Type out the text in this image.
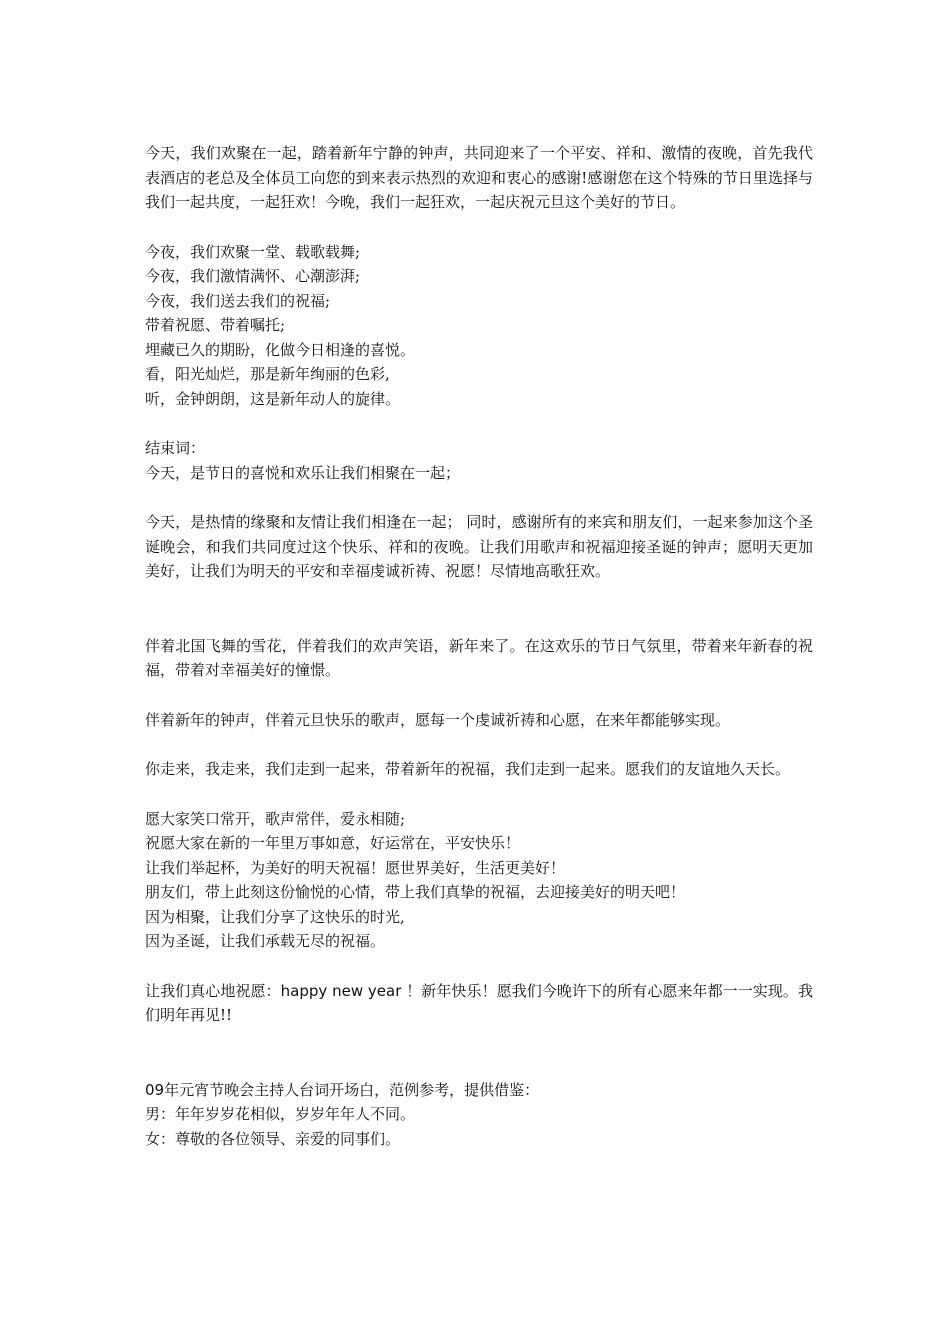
今天，我们欢聚在一起，踏着新年宁静的钟声，共同迎来了一个平安、祥和、激情的夜晚，首先我代表酒店的老总及全体员工向您的到来表示热烈的欢迎和衷心的感谢!感谢您在这个特殊的节日里选择与我们一起共度，一起狂欢！今晚，我们一起狂欢，一起庆祝元旦这个美好的节日。

今夜，我们欢聚一堂、载歌载舞;
今夜，我们激情满怀、心潮澎湃;
今夜，我们送去我们的祝福;
带着祝愿、带着嘱托;
埋藏已久的期盼，化做今日相逢的喜悦。
看，阳光灿烂，那是新年绚丽的色彩,
听，金钟朗朗，这是新年动人的旋律。
结束词：
今天，是节日的喜悦和欢乐让我们相聚在一起；

今天，是热情的缘聚和友情让我们相逢在一起； 同时，感谢所有的来宾和朋友们，一起来参加这个圣诞晚会，和我们共同度过这个快乐、祥和的夜晚。让我们用歌声和祝福迎接圣诞的钟声；愿明天更加美好，让我们为明天的平安和幸福虔诚祈祷、祝愿！尽情地高歌狂欢。

伴着北国飞舞的雪花，伴着我们的欢声笑语，新年来了。在这欢乐的节日气氛里，带着来年新春的祝福，带着对幸福美好的憧憬。

伴着新年的钟声，伴着元旦快乐的歌声，愿每一个虔诚祈祷和心愿，在来年都能够实现。

你走来，我走来，我们走到一起来，带着新年的祝福，我们走到一起来。愿我们的友谊地久天长。

愿大家笑口常开，歌声常伴，爱永相随;
祝愿大家在新的一年里万事如意，好运常在，平安快乐！
让我们举起杯，为美好的明天祝福！愿世界美好，生活更美好！
朋友们，带上此刻这份愉悦的心情，带上我们真挚的祝福，去迎接美好的明天吧！
因为相聚，让我们分享了这快乐的时光,
因为圣诞，让我们承载无尽的祝福。

让我们真心地祝愿：happy new year ！新年快乐！愿我们今晚许下的所有心愿来年都一一实现。我们明年再见!!

09年元宵节晚会主持人台词开场白，范例参考，提供借鉴：
男：年年岁岁花相似，岁岁年年人不同。
女：尊敬的各位领导、亲爱的同事们。
